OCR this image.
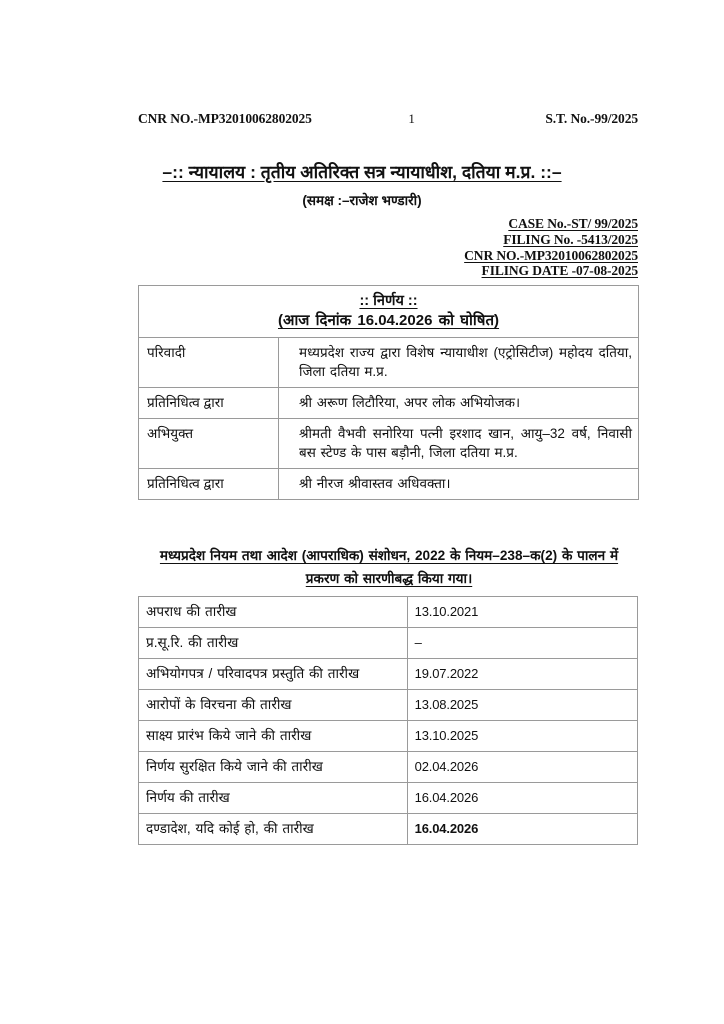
CNR NO.-MP32010062802025	1	S.T. No.-99/2025
–:: न्यायालय : तृतीय अतिरिक्त सत्र न्यायाधीश, दतिया म.प्र. ::–
(समक्ष :–राजेश भण्डारी)
CASE No.-ST/ 99/2025
FILING No. -5413/2025
CNR NO.-MP32010062802025
FILING DATE -07-08-2025
:: निर्णय ::
(आज दिनांक 16.04.2026 को घोषित)	

परिवादी	मध्यप्रदेश राज्य द्वारा विशेष न्यायाधीश (एट्रोसिटीज) महोदय दतिया, जिला दतिया म.प्र.
प्रतिनिधित्व द्वारा	श्री अरूण लिटौरिया, अपर लोक अभियोजक।
अभियुक्त	श्रीमती वैभवी सनोरिया पत्नी इरशाद खान, आयु–32 वर्ष, निवासी बस स्टेण्ड के पास बड़ौनी, जिला दतिया म.प्र.
प्रतिनिधित्व द्वारा	श्री नीरज श्रीवास्तव अधिवक्ता।
मध्यप्रदेश नियम तथा आदेश (आपराधिक) संशोधन, 2022 के नियम–238–क(2) के पालन में प्रकरण को सारणीबद्ध किया गया।
अपराध की तारीख	13.10.2021
प्र.सू.रि. की तारीख	–
अभियोगपत्र / परिवादपत्र प्रस्तुति की तारीख	19.07.2022
आरोपों के विरचना की तारीख	13.08.2025
साक्ष्य प्रारंभ किये जाने की तारीख	13.10.2025
निर्णय सुरक्षित किये जाने की तारीख	02.04.2026
निर्णय की तारीख	16.04.2026
दण्डादेश, यदि कोई हो, की तारीख	16.04.2026
